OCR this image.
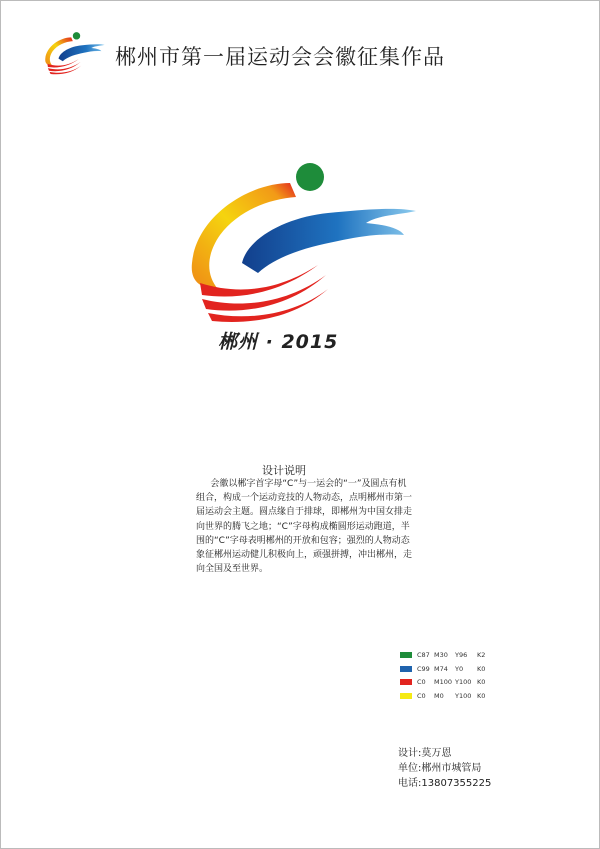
郴州市第一届运动会会徽征集作品
郴州 · 2015
设计说明
会徽以郴字首字母“C”与一运会的“一”及圆点有机组合，构成一个运动竞技的人物动态，点明郴州市第一届运动会主题。圆点缘自于排球，即郴州为中国女排走向世界的腾飞之地；“C”字母构成椭圆形运动跑道，半围的“C”字母表明郴州的开放和包容；强烈的人物动态象征郴州运动健儿积极向上，顽强拼搏，冲出郴州，走向全国及至世界。
C87 M30 Y96 K2
C99 M74 Y0 K0
C0 M100 Y100 K0
C0 M0 Y100 K0
设计:莫万恩
单位:郴州市城管局
电话:13807355225
